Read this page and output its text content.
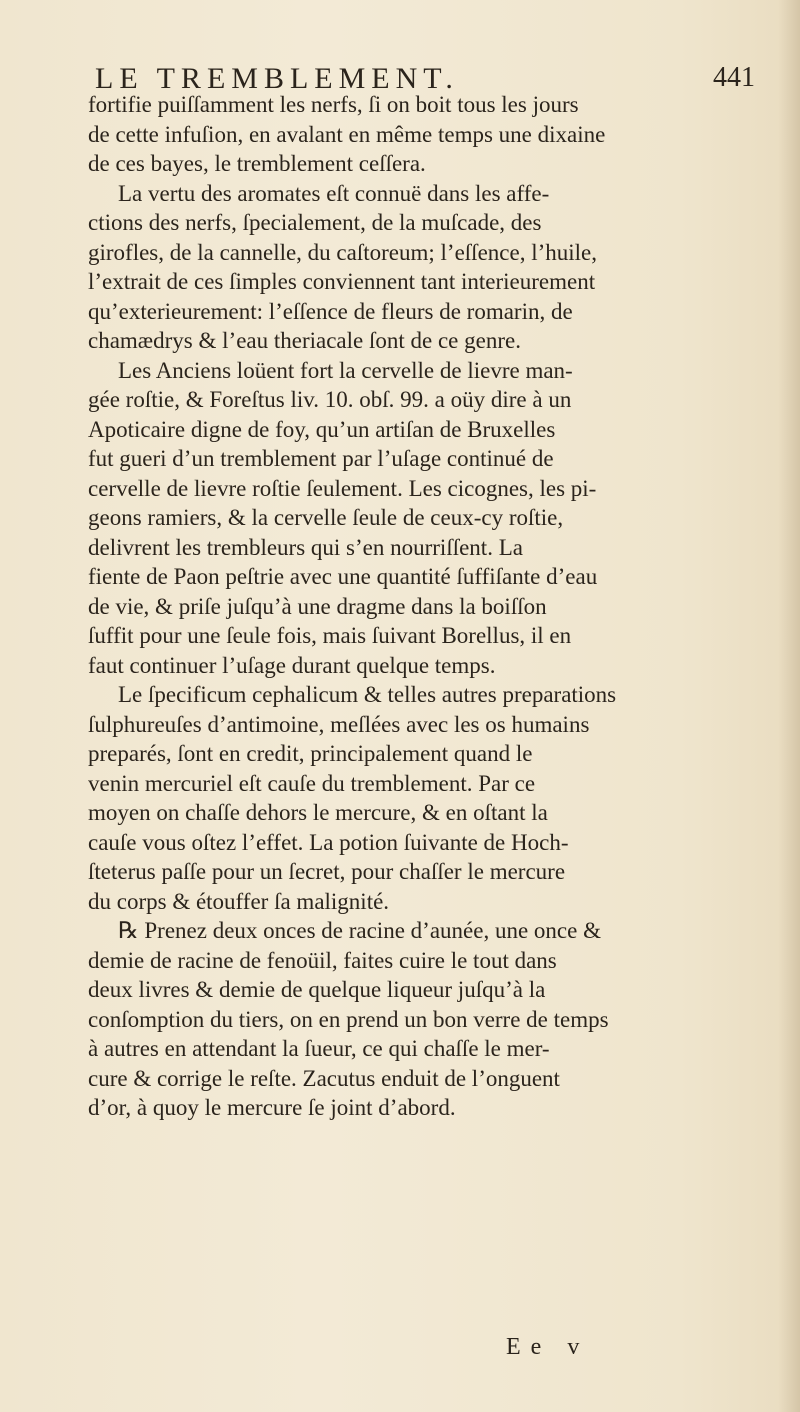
LE TREMBLEMENT.	441
fortifie puiſſamment les nerfs, ſi on boit tous les jours
de cette infuſion, en avalant en même temps une dixaine
de ces bayes, le tremblement ceſſera.
La vertu des aromates eſt connuë dans les affe-
ctions des nerfs, ſpecialement, de la muſcade, des
girofles, de la cannelle, du caſtoreum; l’eſſence, l’huile,
l’extrait de ces ſimples conviennent tant interieurement
qu’exterieurement: l’eſſence de fleurs de romarin, de
chamædrys & l’eau theriacale ſont de ce genre.
Les Anciens loüent fort la cervelle de lievre man-
gée roſtie, & Foreſtus liv. 10. obſ. 99. a oüy dire à un
Apoticaire digne de foy, qu’un artiſan de Bruxelles
fut gueri d’un tremblement par l’uſage continué de
cervelle de lievre roſtie ſeulement. Les cicognes, les pi-
geons ramiers, & la cervelle ſeule de ceux-cy roſtie,
delivrent les trembleurs qui s’en nourriſſent. La
fiente de Paon peſtrie avec une quantité ſuffiſante d’eau
de vie, & priſe juſqu’à une dragme dans la boiſſon
ſuffit pour une ſeule fois, mais ſuivant Borellus, il en
faut continuer l’uſage durant quelque temps.
Le ſpecificum cephalicum & telles autres preparations
ſulphureuſes d’antimoine, meſlées avec les os humains
preparés, ſont en credit, principalement quand le
venin mercuriel eſt cauſe du tremblement. Par ce
moyen on chaſſe dehors le mercure, & en oſtant la
cauſe vous oſtez l’effet. La potion ſuivante de Hoch-
ſteterus paſſe pour un ſecret, pour chaſſer le mercure
du corps & étouffer ſa malignité.
℞ Prenez deux onces de racine d’aunée, une once &
demie de racine de fenoüil, faites cuire le tout dans
deux livres & demie de quelque liqueur juſqu’à la
conſomption du tiers, on en prend un bon verre de temps
à autres en attendant la ſueur, ce qui chaſſe le mer-
cure & corrige le reſte. Zacutus enduit de l’onguent
d’or, à quoy le mercure ſe joint d’abord.
Ee v
